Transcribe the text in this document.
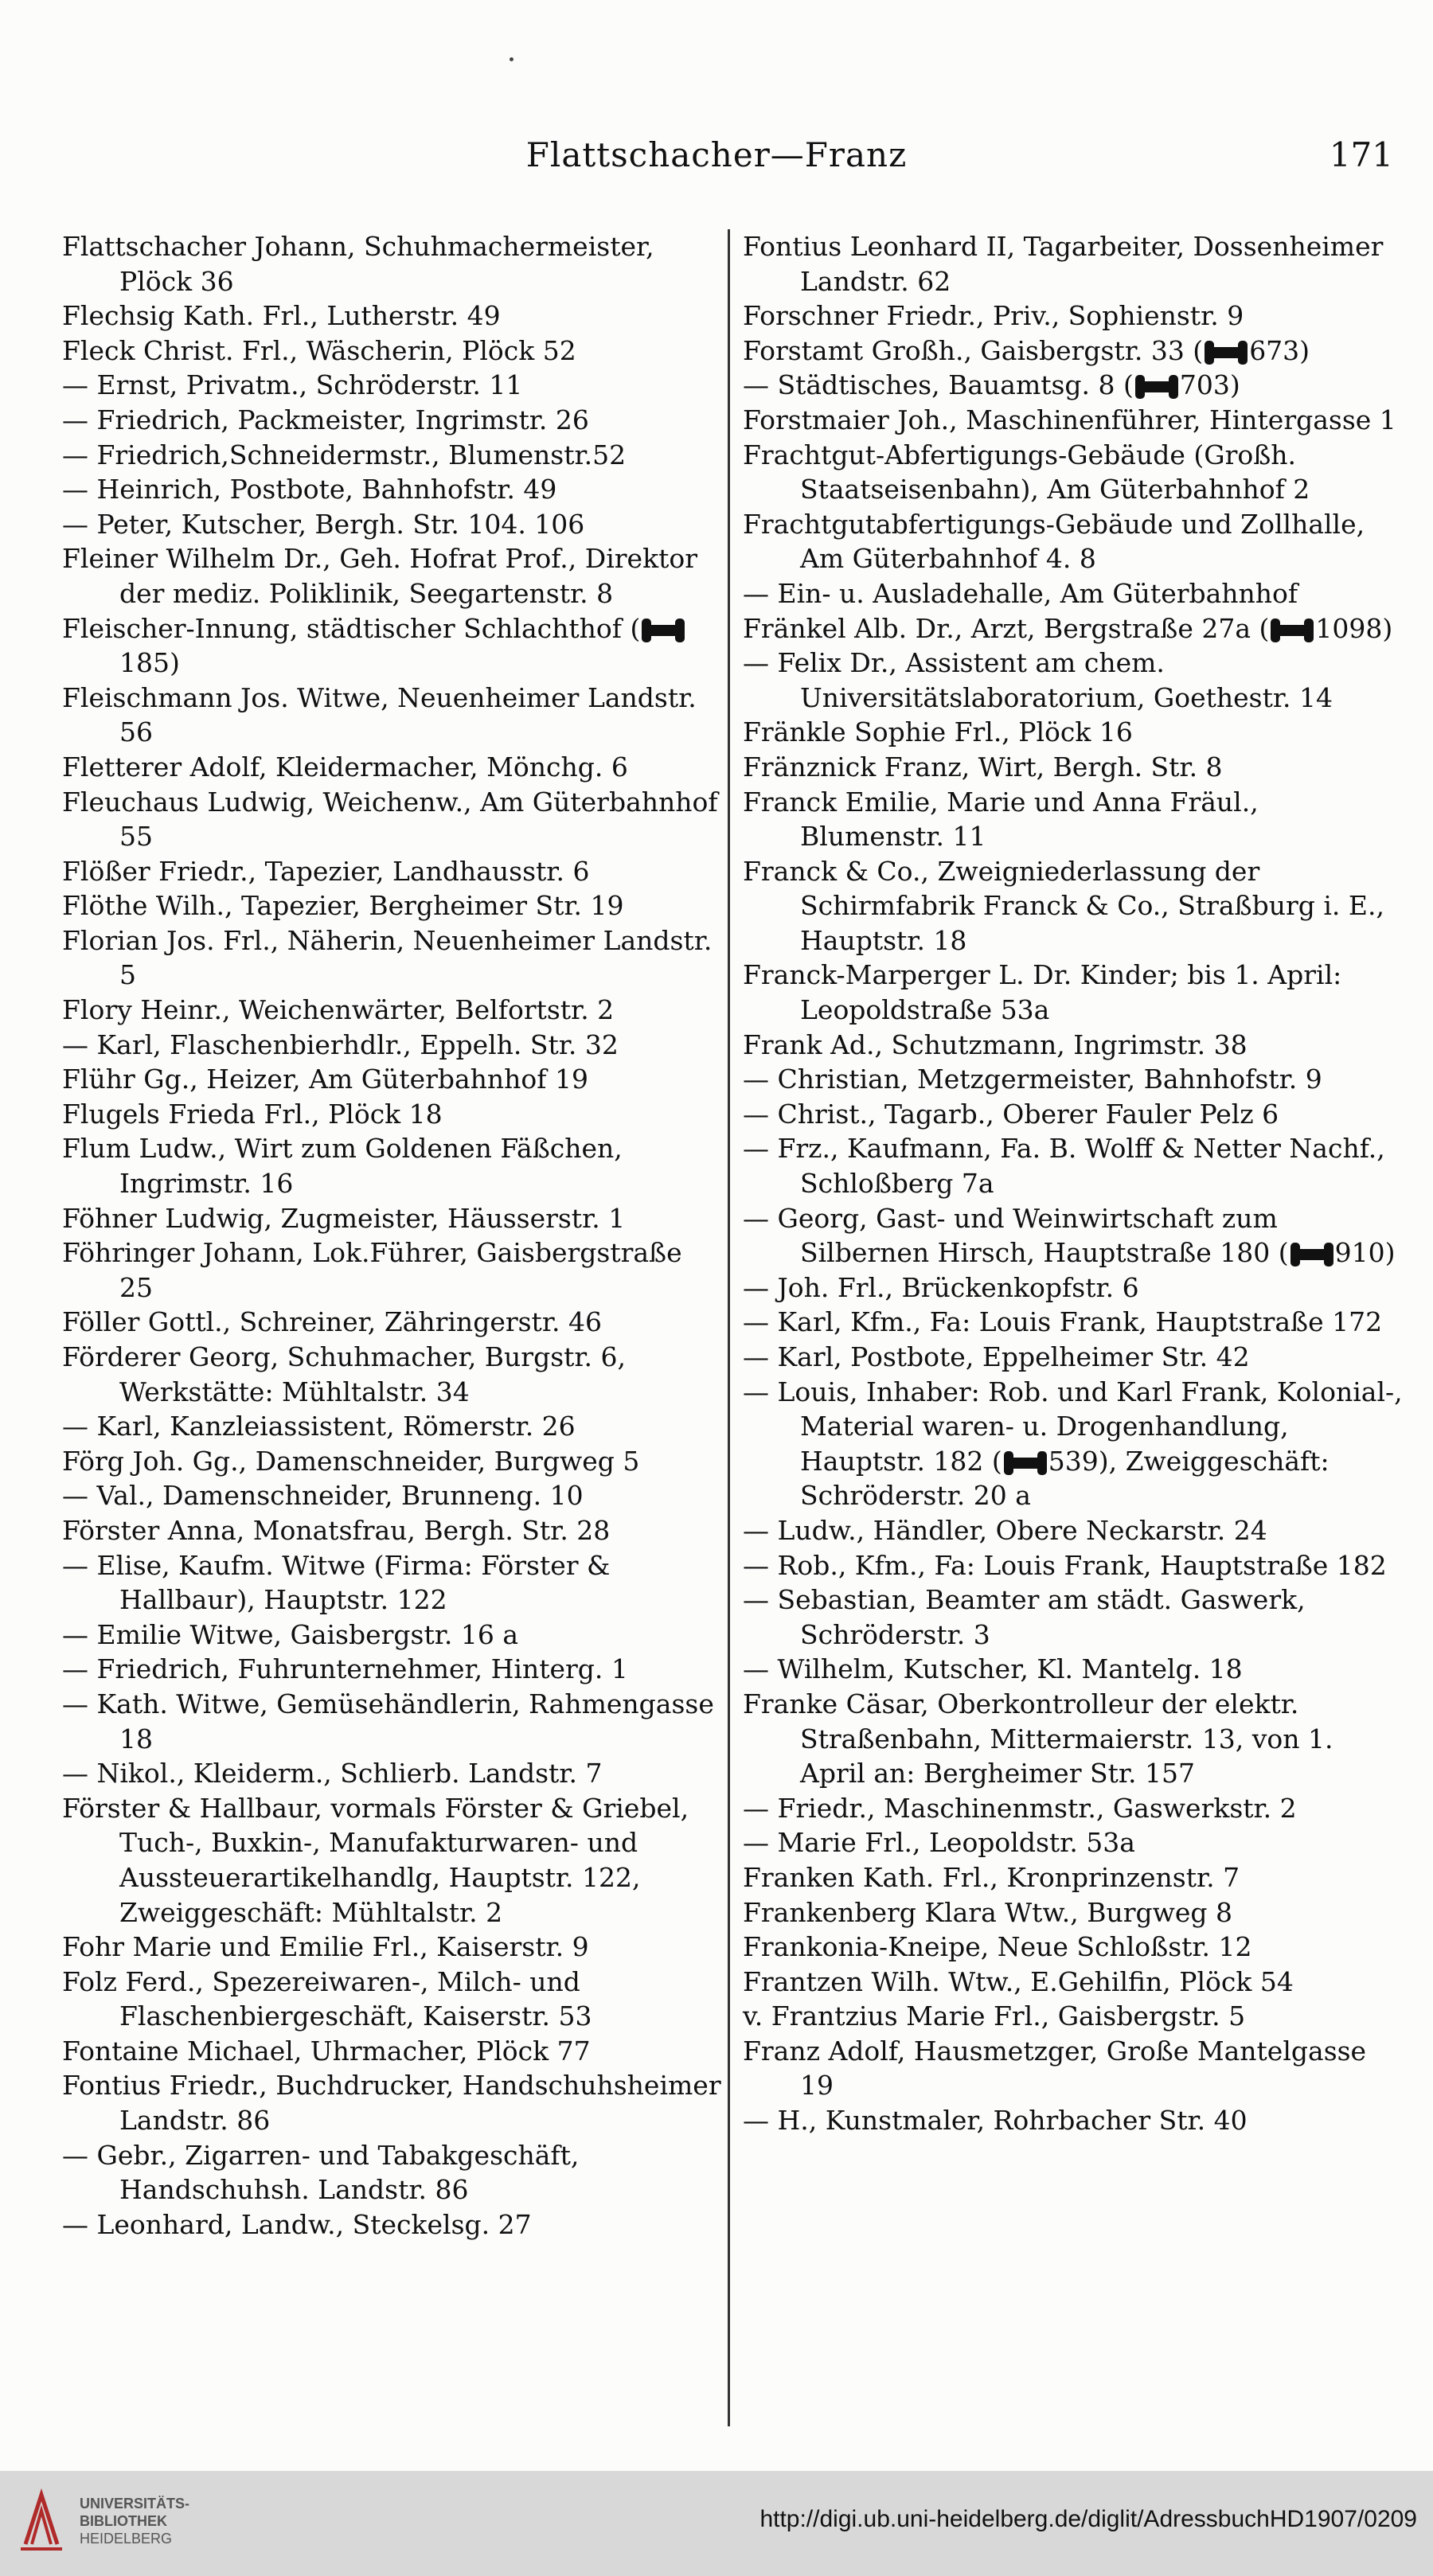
Flattschacher—Franz	171
Flattschacher Johann, Schuhmachermeister, Plöck 36
Flechsig Kath. Frl., Lutherstr. 49
Fleck Christ. Frl., Wäscherin, Plöck 52
— Ernst, Privatm., Schröderstr. 11
— Friedrich, Packmeister, Ingrimstr. 26
— Friedrich,Schneidermstr., Blumenstr.52
— Heinrich, Postbote, Bahnhofstr. 49
— Peter, Kutscher, Bergh. Str. 104. 106
Fleiner Wilhelm Dr., Geh. Hofrat Prof., Direktor der mediz. Poliklinik, Seegartenstr. 8
Fleischer-Innung, städtischer Schlachthof (185)
Fleischmann Jos. Witwe, Neuenheimer Landstr. 56
Fletterer Adolf, Kleidermacher, Mönchg. 6
Fleuchaus Ludwig, Weichenw., Am Güterbahnhof 55
Flößer Friedr., Tapezier, Landhausstr. 6
Flöthe Wilh., Tapezier, Bergheimer Str. 19
Florian Jos. Frl., Näherin, Neuenheimer Landstr. 5
Flory Heinr., Weichenwärter, Belfortstr. 2
— Karl, Flaschenbierhdlr., Eppelh. Str. 32
Flühr Gg., Heizer, Am Güterbahnhof 19
Flugels Frieda Frl., Plöck 18
Flum Ludw., Wirt zum Goldenen Fäßchen, Ingrimstr. 16
Föhner Ludwig, Zugmeister, Häusserstr. 1
Föhringer Johann, Lok.Führer, Gaisbergstraße 25
Föller Gottl., Schreiner, Zähringerstr. 46
Förderer Georg, Schuhmacher, Burgstr. 6, Werkstätte: Mühltalstr. 34
— Karl, Kanzleiassistent, Römerstr. 26
Förg Joh. Gg., Damenschneider, Burgweg 5
— Val., Damenschneider, Brunneng. 10
Förster Anna, Monatsfrau, Bergh. Str. 28
— Elise, Kaufm. Witwe (Firma: Förster & Hallbaur), Hauptstr. 122
— Emilie Witwe, Gaisbergstr. 16 a
— Friedrich, Fuhrunternehmer, Hinterg. 1
— Kath. Witwe, Gemüsehändlerin, Rahmengasse 18
— Nikol., Kleiderm., Schlierb. Landstr. 7
Förster & Hallbaur, vormals Förster & Griebel, Tuch-, Buxkin-, Manufakturwaren- und Aussteuerartikelhandlg, Hauptstr. 122, Zweiggeschäft: Mühltalstr. 2
Fohr Marie und Emilie Frl., Kaiserstr. 9
Folz Ferd., Spezereiwaren-, Milch- und Flaschenbiergeschäft, Kaiserstr. 53
Fontaine Michael, Uhrmacher, Plöck 77
Fontius Friedr., Buchdrucker, Handschuhsheimer Landstr. 86
— Gebr., Zigarren- und Tabakgeschäft, Handschuhsh. Landstr. 86
— Leonhard, Landw., Steckelsg. 27
Fontius Leonhard II, Tagarbeiter, Dossenheimer Landstr. 62
Forschner Friedr., Priv., Sophienstr. 9
Forstamt Großh., Gaisbergstr. 33 ( 673)
— Städtisches, Bauamtsg. 8 ( 703)
Forstmaier Joh., Maschinenführer, Hintergasse 1
Frachtgut-Abfertigungs-Gebäude (Großh. Staatseisenbahn), Am Güterbahnhof 2
Frachtgutabfertigungs-Gebäude und Zollhalle, Am Güterbahnhof 4. 8
— Ein- u. Ausladehalle, Am Güterbahnhof
Fränkel Alb. Dr., Arzt, Bergstraße 27a ( 1098)
— Felix Dr., Assistent am chem. Universitätslaboratorium, Goethestr. 14
Fränkle Sophie Frl., Plöck 16
Fränznick Franz, Wirt, Bergh. Str. 8
Franck Emilie, Marie und Anna Fräul., Blumenstr. 11
Franck & Co., Zweigniederlassung der Schirmfabrik Franck & Co., Straßburg i. E., Hauptstr. 18
Franck-Marperger L. Dr. Kinder; bis 1. April: Leopoldstraße 53a
Frank Ad., Schutzmann, Ingrimstr. 38
— Christian, Metzgermeister, Bahnhofstr. 9
— Christ., Tagarb., Oberer Fauler Pelz 6
— Frz., Kaufmann, Fa. B. Wolff & Netter Nachf., Schloßberg 7a
— Georg, Gast- und Weinwirtschaft zum Silbernen Hirsch, Hauptstraße 180 ( 910)
— Joh. Frl., Brückenkopfstr. 6
— Karl, Kfm., Fa: Louis Frank, Hauptstraße 172
— Karl, Postbote, Eppelheimer Str. 42
— Louis, Inhaber: Rob. und Karl Frank, Kolonial-, Material waren- u. Drogenhandlung, Hauptstr. 182 ( 539), Zweiggeschäft: Schröderstr. 20 a
— Ludw., Händler, Obere Neckarstr. 24
— Rob., Kfm., Fa: Louis Frank, Hauptstraße 182
— Sebastian, Beamter am städt. Gaswerk, Schröderstr. 3
— Wilhelm, Kutscher, Kl. Mantelg. 18
Franke Cäsar, Oberkontrolleur der elektr. Straßenbahn, Mittermaierstr. 13, von 1. April an: Bergheimer Str. 157
— Friedr., Maschinenmstr., Gaswerkstr. 2
— Marie Frl., Leopoldstr. 53a
Franken Kath. Frl., Kronprinzenstr. 7
Frankenberg Klara Wtw., Burgweg 8
Frankonia-Kneipe, Neue Schloßstr. 12
Frantzen Wilh. Wtw., E.Gehilfin, Plöck 54
v. Frantzius Marie Frl., Gaisbergstr. 5
Franz Adolf, Hausmetzger, Große Mantelgasse 19
— H., Kunstmaler, Rohrbacher Str. 40
UNIVERSITÄTS-
BIBLIOTHEK
HEIDELBERG
http://digi.ub.uni-heidelberg.de/diglit/AdressbuchHD1907/0209
